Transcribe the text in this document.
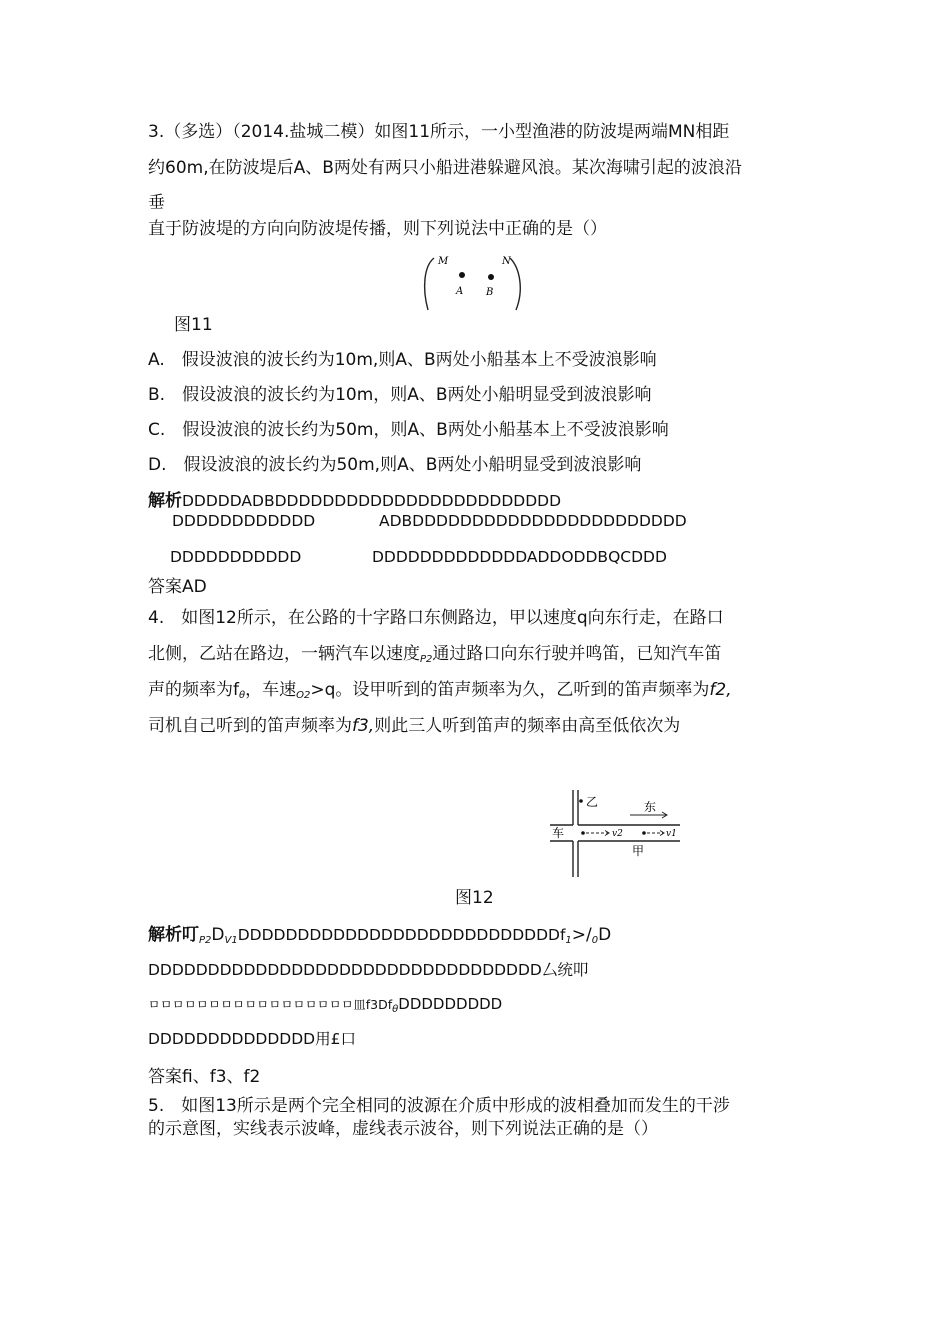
3.（多选）（2014.盐城二模）如图11所示，一小型渔港的防波堤两端MN相距
约60m,在防波堤后A、B两处有两只小船进港躲避风浪。某次海啸引起的波浪沿
垂
直于防波堤的方向向防波堤传播，则下列说法中正确的是（）
M	N
A B
图11
A.　假设波浪的波长约为10m,则A、B两处小船基本上不受波浪影响
B.　假设波浪的波长约为10m，则A、B两处小船明显受到波浪影响
C.　假设波浪的波长约为50m，则A、B两处小船基本上不受波浪影响
D.　假设波浪的波长约为50m,则A、B两处小船明显受到波浪影响
解析DDDDDADBDDDDDDDDDDDDDDDDDDDDDDDD
DDDDDDDDDDDD	ADBDDDDDDDDDDDDDDDDDDDDDDD
DDDDDDDDDDD	DDDDDDDDDDDDDADDODDBQCDDD
答案AD
4.　如图12所示，在公路的十字路口东侧路边，甲以速度q向东行走，在路口
北侧，乙站在路边，一辆汽车以速度$_{P2}$通过路口向东行驶并鸣笛，已知汽车笛
声的频率为$f_\theta$，车速$_{O2}$>q。设甲听到的笛声频率为久，乙听到的笛声频率为f2,
司机自己听到的笛声频率为f3,则此三人听到笛声的频率由高至低依次为
乙	东
车	v2	v1
甲
图12
解析叮$_{P2}D_{V1}DDDDDDDDDDDDDDDDDDDDDDDDDDDf_1>/_0D$
DDDDDDDDDDDDDDDDDDDDDDDDDDDDDDDDD厶统叩
ㅁㅁㅁㅁㅁㅁㅁㅁㅁㅁㅁㅁㅁㅁㅁㅁㅁ皿$f3Df_\theta DDDDDDDDD$
DDDDDDDDDDDDDD用£口
答案fi、f3、f2
5.　如图13所示是两个完全相同的波源在介质中形成的波相叠加而发生的干涉
的示意图，实线表示波峰，虚线表示波谷，则下列说法正确的是（）
